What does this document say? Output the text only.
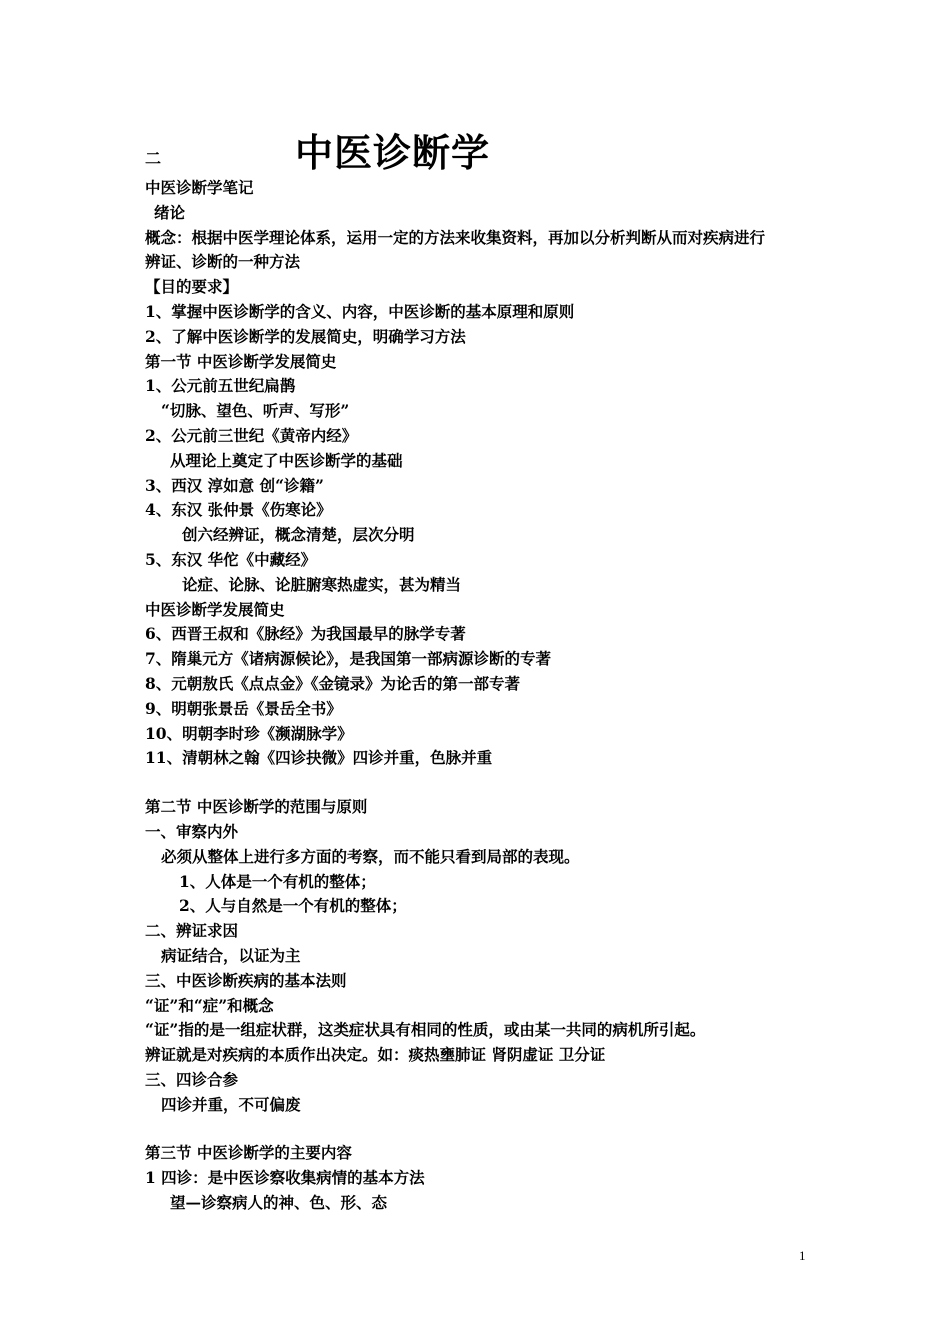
二	中医诊断学
中医诊断学笔记
绪论
概念：根据中医学理论体系，运用一定的方法来收集资料，再加以分析判断从而对疾病进行
辨证、诊断的一种方法
【目的要求】
1、掌握中医诊断学的含义、内容，中医诊断的基本原理和原则
2、了解中医诊断学的发展简史，明确学习方法
第一节 中医诊断学发展简史
1、公元前五世纪扁鹊
“切脉、望色、听声、写形”
2、公元前三世纪《黄帝内经》
从理论上奠定了中医诊断学的基础
3、西汉 淳如意 创“诊籍”
4、东汉 张仲景《伤寒论》
创六经辨证，概念清楚，层次分明
5、东汉 华佗《中藏经》
论症、论脉、论脏腑寒热虚实，甚为精当
中医诊断学发展简史
6、西晋王叔和《脉经》为我国最早的脉学专著
7、隋巢元方《诸病源候论》，是我国第一部病源诊断的专著
8、元朝敖氏《点点金》《金镜录》为论舌的第一部专著
9、明朝张景岳《景岳全书》
10、明朝李时珍《濒湖脉学》
11、清朝林之翰《四诊抉微》四诊并重，色脉并重
第二节 中医诊断学的范围与原则
一、审察内外
必须从整体上进行多方面的考察，而不能只看到局部的表现。
1、人体是一个有机的整体；
2、人与自然是一个有机的整体；
二、辨证求因
病证结合，以证为主
三、中医诊断疾病的基本法则
“证”和“症”和概念
“证”指的是一组症状群，这类症状具有相同的性质，或由某一共同的病机所引起。
辨证就是对疾病的本质作出决定。如：痰热壅肺证 肾阴虚证 卫分证
三、四诊合参
四诊并重，不可偏废
第三节 中医诊断学的主要内容
1 四诊：是中医诊察收集病情的基本方法
望—诊察病人的神、色、形、态
1
